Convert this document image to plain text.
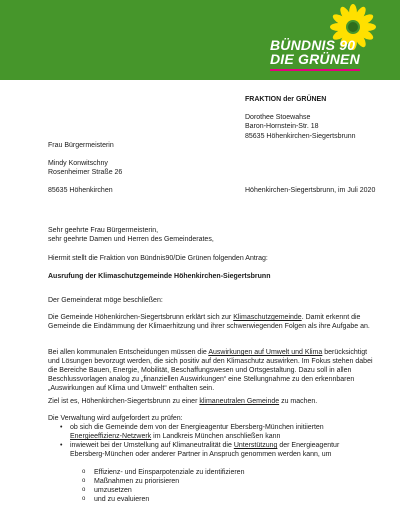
BÜNDNIS 90
DIE GRÜNEN
FRAKTION der GRÜNEN
Dorothee Stoewahse
Baron-Hornstein-Str. 18
85635 Höhenkirchen-Siegertsbrunn
Frau Bürgermeisterin
Mindy Konwitschny
Rosenheimer Straße 26
85635 Höhenkirchen	Höhenkirchen-Siegertsbrunn, im Juli 2020
Sehr geehrte Frau Bürgermeisterin,
sehr geehrte Damen und Herren des Gemeinderates,
Hiermit stellt die Fraktion von Bündnis90/Die Grünen folgenden Antrag:
Ausrufung der Klimaschutzgemeinde Höhenkirchen-Siegertsbrunn
Der Gemeinderat möge beschließen:
Die Gemeinde Höhenkirchen-Siegertsbrunn erklärt sich zur Klimaschutzgemeinde. Damit erkennt die Gemeinde die Eindämmung der Klimaerhitzung und ihrer schwerwiegenden Folgen als ihre Aufgabe an.
Bei allen kommunalen Entscheidungen müssen die Auswirkungen auf Umwelt und Klima berücksichtigt und Lösungen bevorzugt werden, die sich positiv auf den Klimaschutz auswirken. Im Fokus stehen dabei die Bereiche Bauen, Energie, Mobilität, Beschaffungswesen und Ortsgestaltung. Dazu soll in allen Beschlussvorlagen analog zu „finanziellen Auswirkungen“ eine Stellungnahme zu den erkennbaren „Auswirkungen auf Klima und Umwelt“ enthalten sein.
Ziel ist es, Höhenkirchen-Siegertsbrunn zu einer klimaneutralen Gemeinde zu machen.
Die Verwaltung wird aufgefordert zu prüfen:
• ob sich die Gemeinde dem von der Energieagentur Ebersberg-München initiierten Energieeffizienz-Netzwerk im Landkreis München anschließen kann
• inwieweit bei der Umstellung auf Klimaneutralität die Unterstützung der Energieagentur Ebersberg-München oder anderer Partner in Anspruch genommen werden kann, um
o Effizienz- und Einsparpotenziale zu identifizieren
o Maßnahmen zu priorisieren
o umzusetzen
o und zu evaluieren
